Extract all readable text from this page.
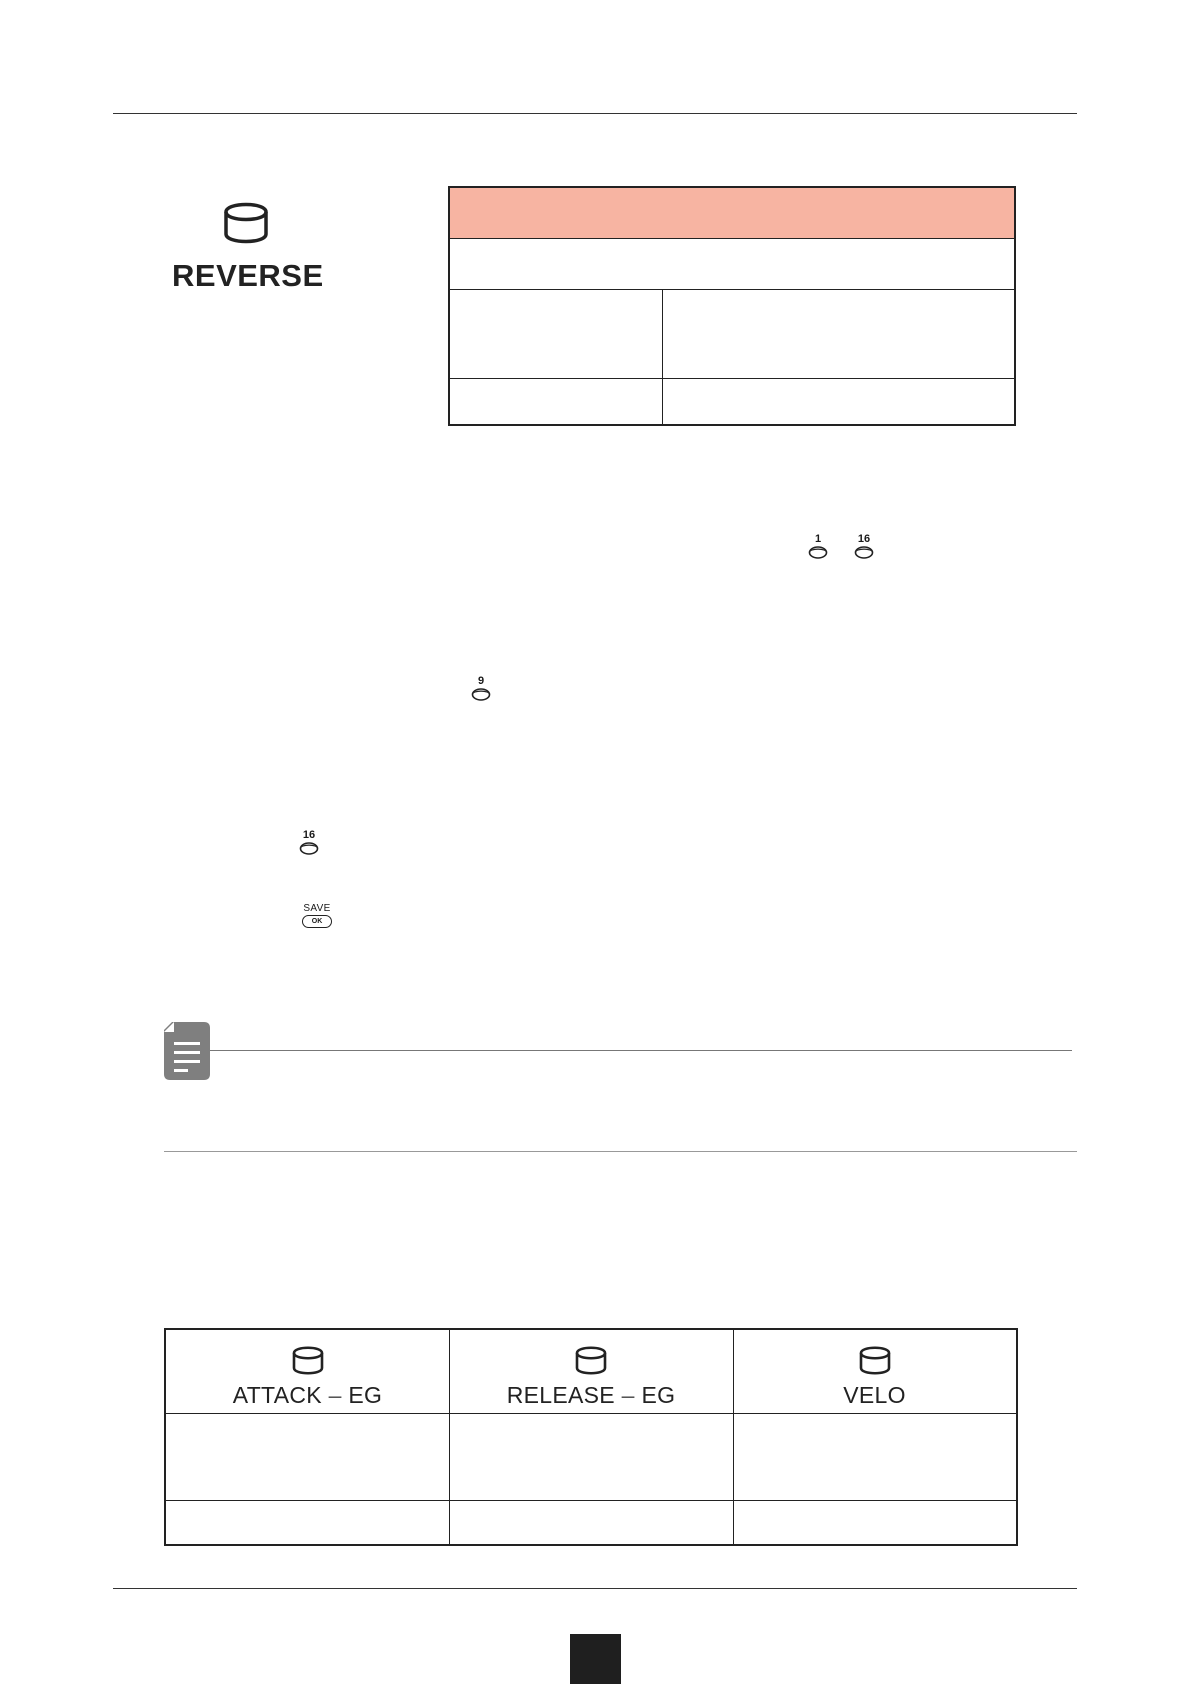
REVERSE
1	16
9
16
SAVE
OK
ATTACK – EG	RELEASE – EG	VELO
